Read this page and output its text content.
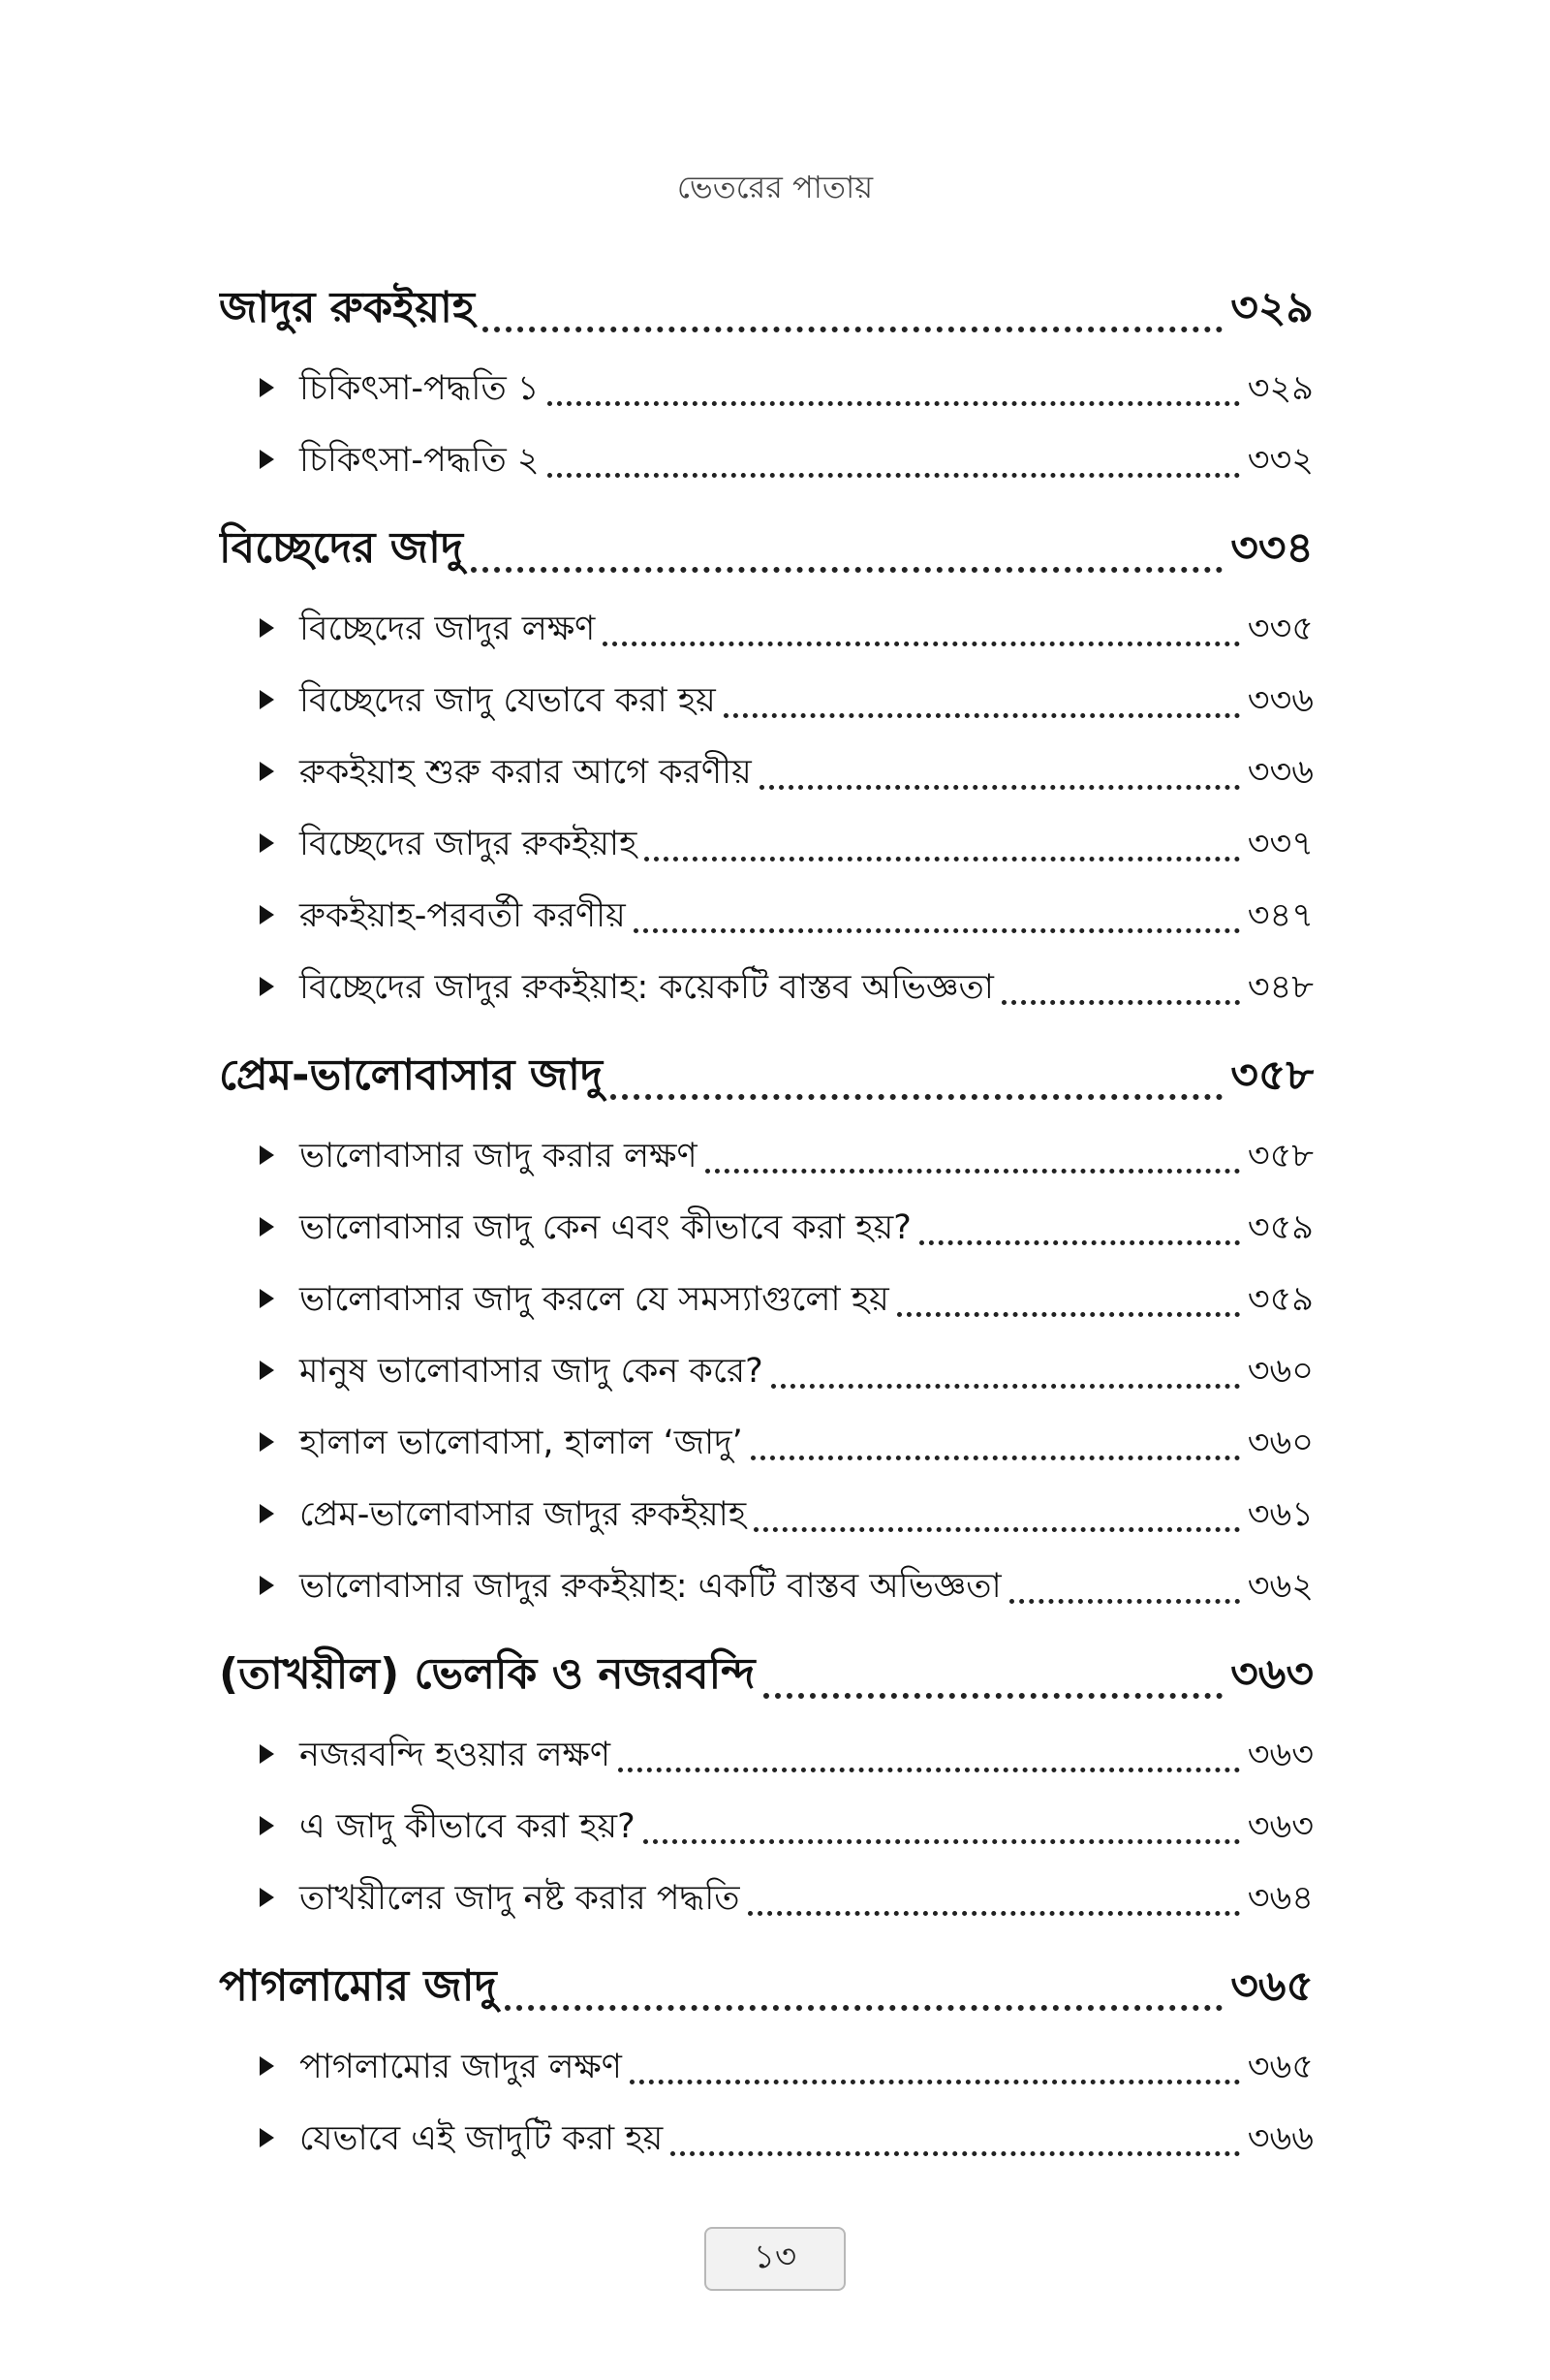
ভেতরের পাতায়
জাদুর রুকইয়াহ	৩২৯
চিকিৎসা-পদ্ধতি ১	৩২৯
চিকিৎসা-পদ্ধতি ২	৩৩২
বিচ্ছেদের জাদু	৩৩৪
বিচ্ছেদের জাদুর লক্ষণ	৩৩৫
বিচ্ছেদের জাদু যেভাবে করা হয়	৩৩৬
রুকইয়াহ শুরু করার আগে করণীয়	৩৩৬
বিচ্ছেদের জাদুর রুকইয়াহ	৩৩৭
রুকইয়াহ-পরবর্তী করণীয়	৩৪৭
বিচ্ছেদের জাদুর রুকইয়াহ: কয়েকটি বাস্তব অভিজ্ঞতা	৩৪৮
প্রেম-ভালোবাসার জাদু	৩৫৮
ভালোবাসার জাদু করার লক্ষণ	৩৫৮
ভালোবাসার জাদু কেন এবং কীভাবে করা হয়?	৩৫৯
ভালোবাসার জাদু করলে যে সমস্যাগুলো হয়	৩৫৯
মানুষ ভালোবাসার জাদু কেন করে?	৩৬০
হালাল ভালোবাসা, হালাল ‘জাদু’	৩৬০
প্রেম-ভালোবাসার জাদুর রুকইয়াহ	৩৬১
ভালোবাসার জাদুর রুকইয়াহ: একটি বাস্তব অভিজ্ঞতা	৩৬২
(তাখয়ীল) ভেলকি ও নজরবন্দি	৩৬৩
নজরবন্দি হওয়ার লক্ষণ	৩৬৩
এ জাদু কীভাবে করা হয়?	৩৬৩
তাখয়ীলের জাদু নষ্ট করার পদ্ধতি	৩৬৪
পাগলামোর জাদু	৩৬৫
পাগলামোর জাদুর লক্ষণ	৩৬৫
যেভাবে এই জাদুটি করা হয়	৩৬৬
১৩
